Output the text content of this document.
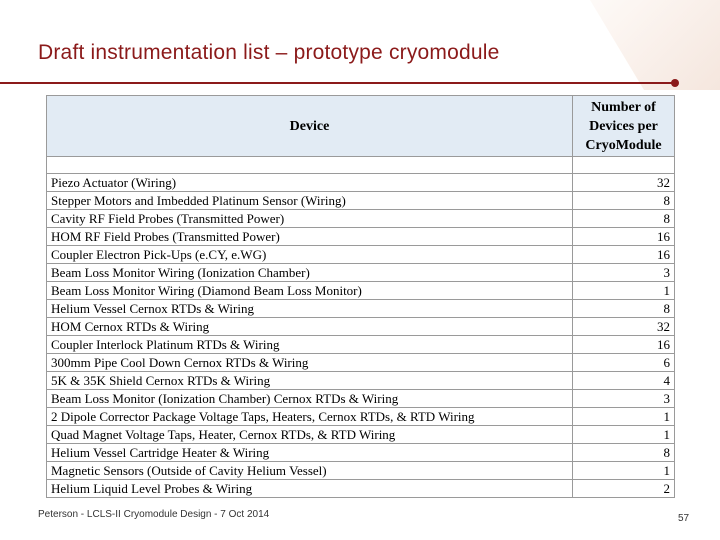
Draft instrumentation list – prototype cryomodule
Device	Number of
Devices per
CryoModule

Piezo Actuator (Wiring)	32
Stepper Motors and Imbedded Platinum Sensor (Wiring)	8
Cavity RF Field Probes (Transmitted Power)	8
HOM RF Field Probes (Transmitted Power)	16
Coupler Electron Pick-Ups (e.CY, e.WG)	16
Beam Loss Monitor Wiring (Ionization Chamber)	3
Beam Loss Monitor Wiring (Diamond Beam Loss Monitor)	1
Helium Vessel Cernox RTDs & Wiring	8
HOM Cernox RTDs & Wiring	32
Coupler Interlock Platinum RTDs & Wiring	16
300mm Pipe Cool Down Cernox RTDs & Wiring	6
5K & 35K Shield Cernox RTDs & Wiring	4
Beam Loss Monitor (Ionization Chamber) Cernox RTDs & Wiring	3
2 Dipole Corrector Package Voltage Taps, Heaters, Cernox RTDs, & RTD Wiring	1
Quad Magnet Voltage Taps, Heater, Cernox RTDs, & RTD Wiring	1
Helium Vessel Cartridge Heater & Wiring	8
Magnetic Sensors (Outside of Cavity Helium Vessel)	1
Helium Liquid Level Probes & Wiring	2
Peterson - LCLS-II Cryomodule Design - 7 Oct 2014	57
